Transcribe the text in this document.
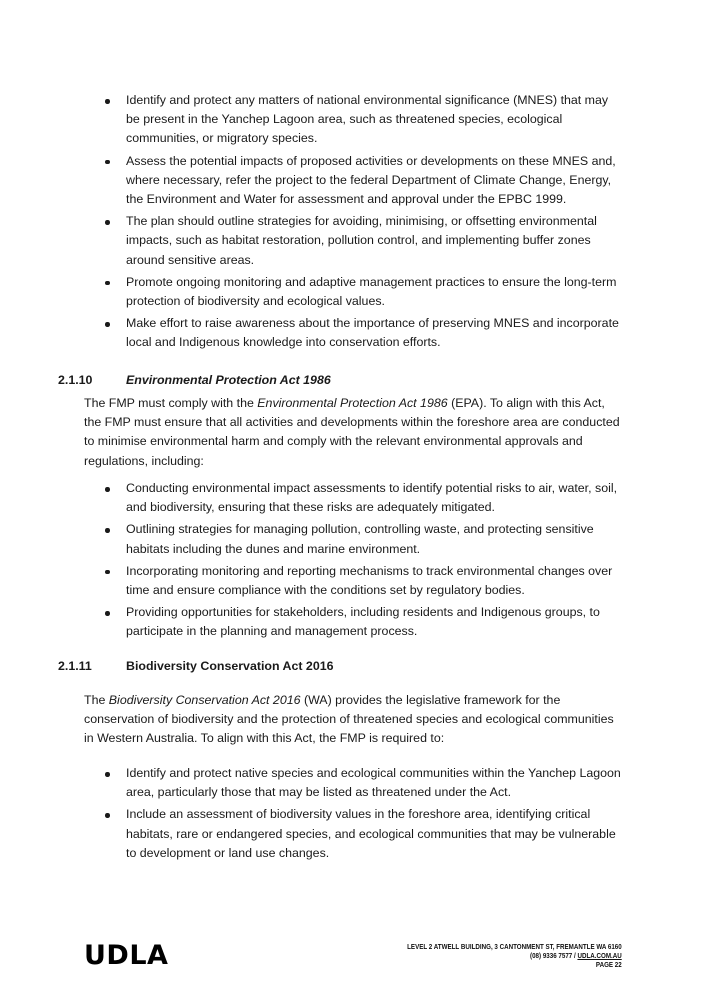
Identify and protect any matters of national environmental significance (MNES) that may be present in the Yanchep Lagoon area, such as threatened species, ecological communities, or migratory species.
Assess the potential impacts of proposed activities or developments on these MNES and, where necessary, refer the project to the federal Department of Climate Change, Energy, the Environment and Water for assessment and approval under the EPBC 1999.
The plan should outline strategies for avoiding, minimising, or offsetting environmental impacts, such as habitat restoration, pollution control, and implementing buffer zones around sensitive areas.
Promote ongoing monitoring and adaptive management practices to ensure the long-term protection of biodiversity and ecological values.
Make effort to raise awareness about the importance of preserving MNES and incorporate local and Indigenous knowledge into conservation efforts.
2.1.10	Environmental Protection Act 1986

The FMP must comply with the Environmental Protection Act 1986 (EPA). To align with this Act, the FMP must ensure that all activities and developments within the foreshore area are conducted to minimise environmental harm and comply with the relevant environmental approvals and regulations, including:

Conducting environmental impact assessments to identify potential risks to air, water, soil, and biodiversity, ensuring that these risks are adequately mitigated.
Outlining strategies for managing pollution, controlling waste, and protecting sensitive habitats including the dunes and marine environment.
Incorporating monitoring and reporting mechanisms to track environmental changes over time and ensure compliance with the conditions set by regulatory bodies.
Providing opportunities for stakeholders, including residents and Indigenous groups, to participate in the planning and management process.
2.1.11	Biodiversity Conservation Act 2016

The Biodiversity Conservation Act 2016 (WA) provides the legislative framework for the conservation of biodiversity and the protection of threatened species and ecological communities in Western Australia. To align with this Act, the FMP is required to:

Identify and protect native species and ecological communities within the Yanchep Lagoon area, particularly those that may be listed as threatened under the Act.
Include an assessment of biodiversity values in the foreshore area, identifying critical habitats, rare or endangered species, and ecological communities that may be vulnerable to development or land use changes.
UDLA	LEVEL 2 ATWELL BUILDING, 3 CANTONMENT ST, FREMANTLE WA 6160
(08) 9336 7577 / UDLA.COM.AU
PAGE 22
